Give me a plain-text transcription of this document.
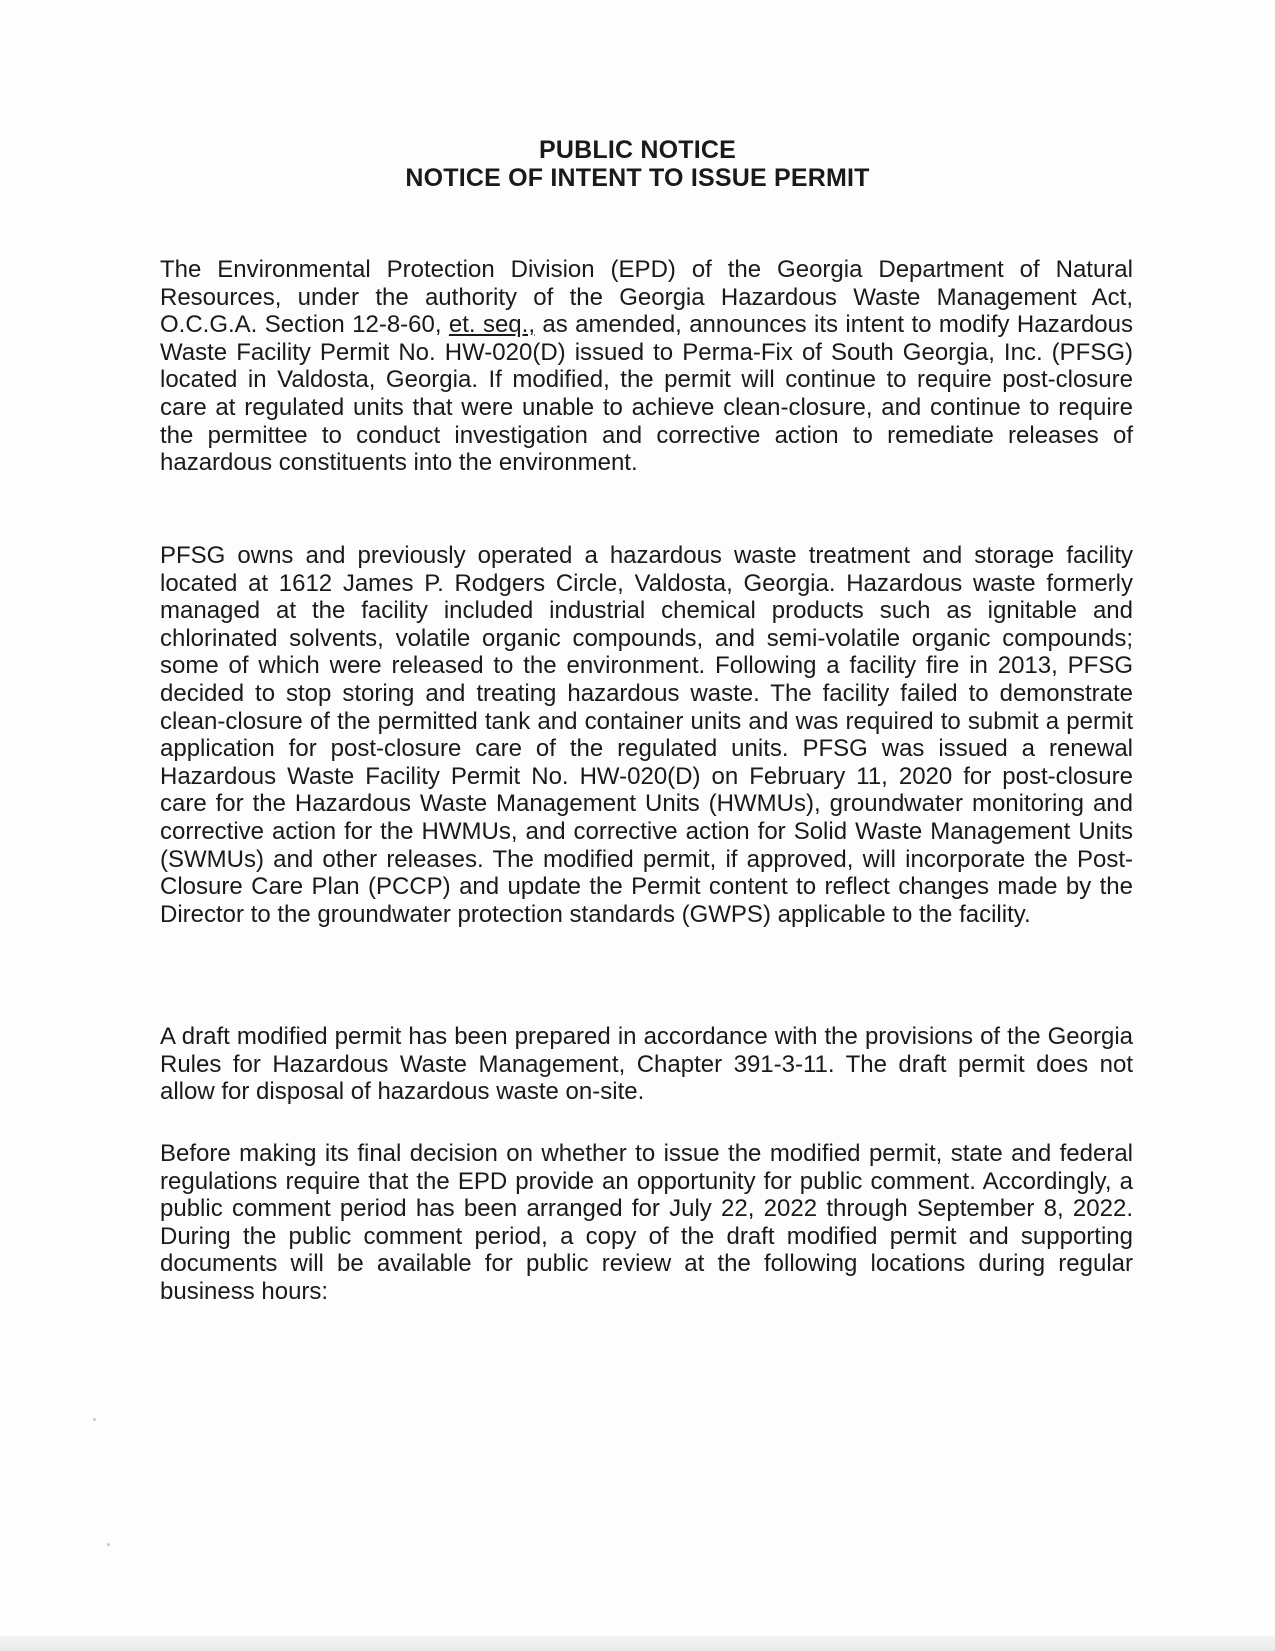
PUBLIC NOTICE
NOTICE OF INTENT TO ISSUE PERMIT

The Environmental Protection Division (EPD) of the Georgia Department of Natural Resources, under the authority of the Georgia Hazardous Waste Management Act, O.C.G.A. Section 12-8-60, et. seq., as amended, announces its intent to modify Hazardous Waste Facility Permit No. HW-020(D) issued to Perma-Fix of South Georgia, Inc. (PFSG) located in Valdosta, Georgia. If modified, the permit will continue to require post-closure care at regulated units that were unable to achieve clean-closure, and continue to require the permittee to conduct investigation and corrective action to remediate releases of hazardous constituents into the environment.

PFSG owns and previously operated a hazardous waste treatment and storage facility located at 1612 James P. Rodgers Circle, Valdosta, Georgia. Hazardous waste formerly managed at the facility included industrial chemical products such as ignitable and chlorinated solvents, volatile organic compounds, and semi-volatile organic compounds; some of which were released to the environment. Following a facility fire in 2013, PFSG decided to stop storing and treating hazardous waste. The facility failed to demonstrate clean-closure of the permitted tank and container units and was required to submit a permit application for post-closure care of the regulated units. PFSG was issued a renewal Hazardous Waste Facility Permit No. HW-020(D) on February 11, 2020 for post-closure care for the Hazardous Waste Management Units (HWMUs), groundwater monitoring and corrective action for the HWMUs, and corrective action for Solid Waste Management Units (SWMUs) and other releases. The modified permit, if approved, will incorporate the Post-Closure Care Plan (PCCP) and update the Permit content to reflect changes made by the Director to the groundwater protection standards (GWPS) applicable to the facility.

A draft modified permit has been prepared in accordance with the provisions of the Georgia Rules for Hazardous Waste Management, Chapter 391-3-11. The draft permit does not allow for disposal of hazardous waste on-site.

Before making its final decision on whether to issue the modified permit, state and federal regulations require that the EPD provide an opportunity for public comment. Accordingly, a public comment period has been arranged for July 22, 2022 through September 8, 2022. During the public comment period, a copy of the draft modified permit and supporting documents will be available for public review at the following locations during regular business hours:
